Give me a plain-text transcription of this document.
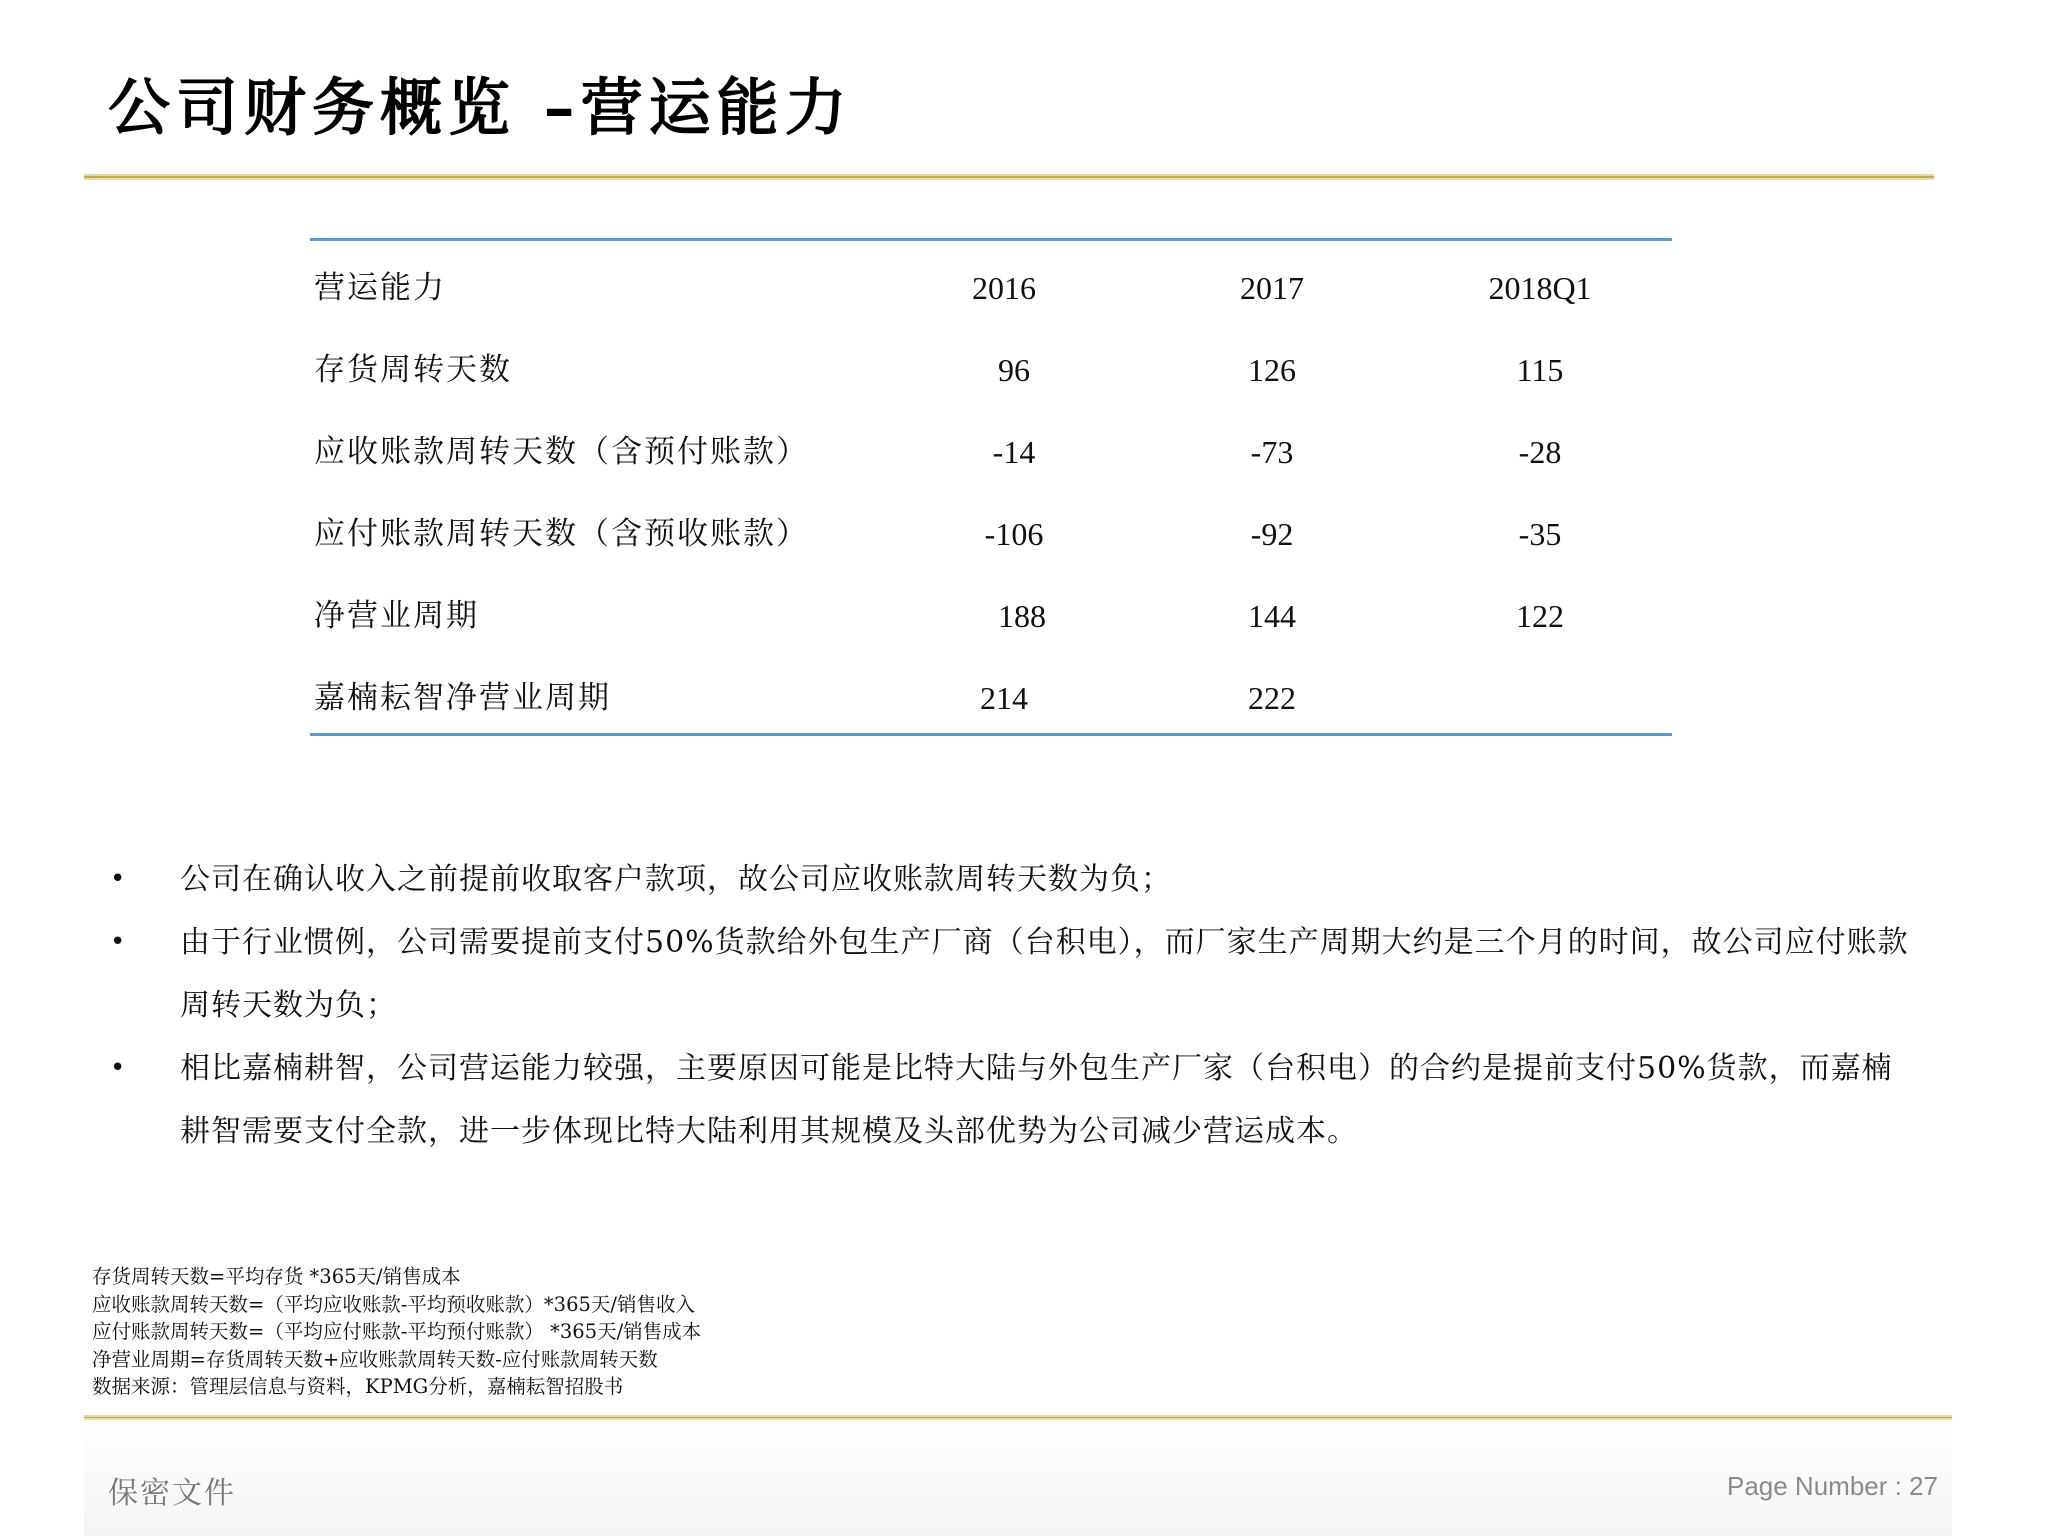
公司财务概览 –营运能力
营运能力	2016	2017	2018Q1
存货周转天数	96	126	115
应收账款周转天数（含预付账款）	-14	-73	-28
应付账款周转天数（含预收账款）	-106	-92	-35
净营业周期	188	144	122
嘉楠耘智净营业周期	214	222
• 公司在确认收入之前提前收取客户款项，故公司应收账款周转天数为负；
• 由于行业惯例，公司需要提前支付50%货款给外包生产厂商（台积电），而厂家生产周期大约是三个月的时间，故公司应付账款周转天数为负；
• 相比嘉楠耕智，公司营运能力较强，主要原因可能是比特大陆与外包生产厂家（台积电）的合约是提前支付50%货款，而嘉楠耕智需要支付全款，进一步体现比特大陆利用其规模及头部优势为公司减少营运成本。
存货周转天数=平均存货 *365天/销售成本
应收账款周转天数=（平均应收账款-平均预收账款）*365天/销售收入
应付账款周转天数=（平均应付账款-平均预付账款） *365天/销售成本
净营业周期=存货周转天数+应收账款周转天数-应付账款周转天数
数据来源：管理层信息与资料，KPMG分析，嘉楠耘智招股书
保密文件	Page Number : 27
